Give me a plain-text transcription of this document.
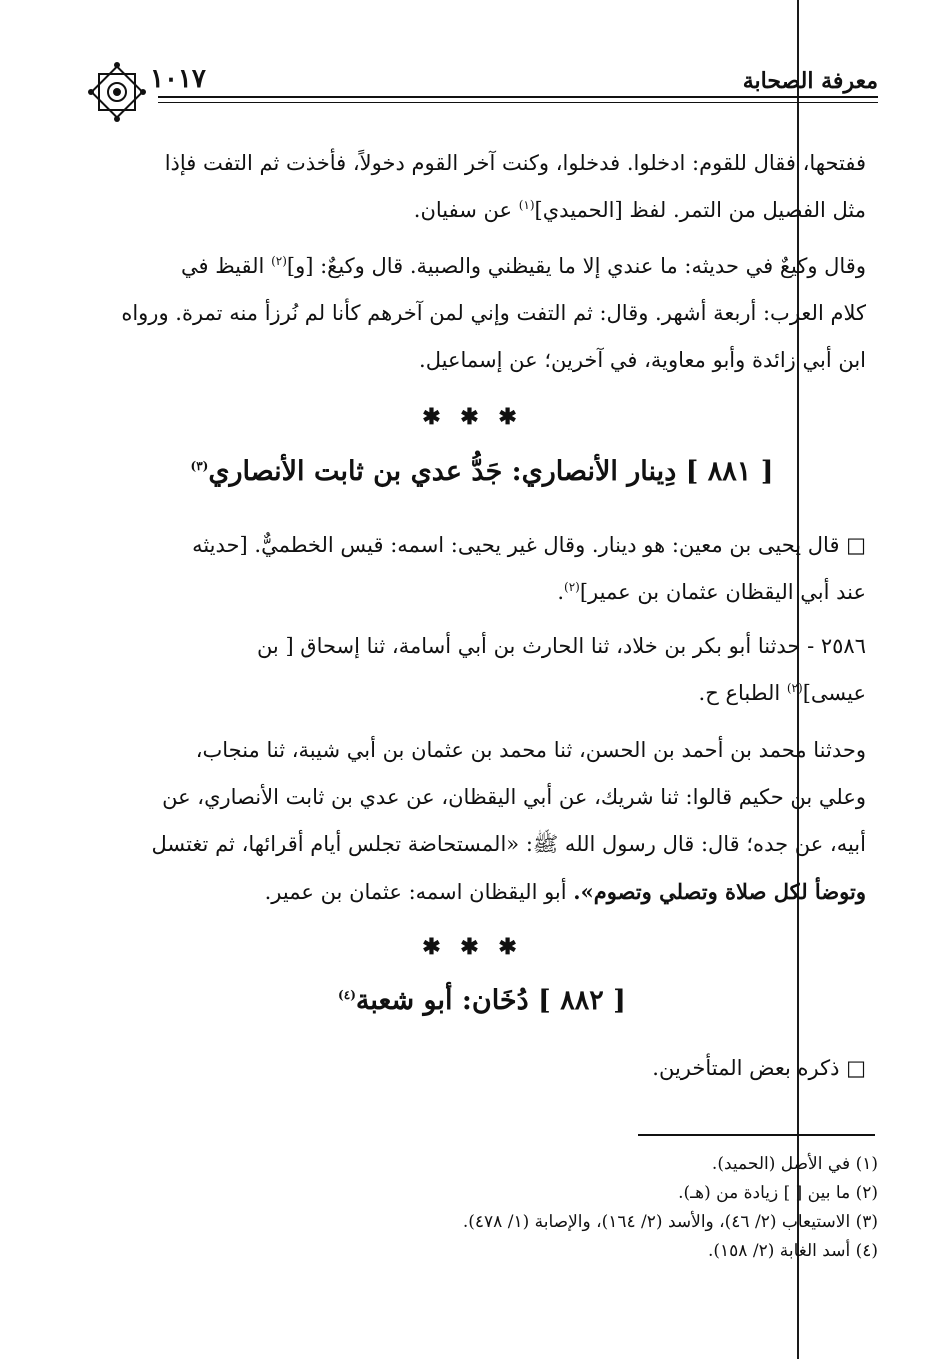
معرفة الصحابة
١٠١٧
ففتحها، فقال للقوم: ادخلوا. فدخلوا، وكنت آخر القوم دخولاً، فأخذت ثم التفت فإذا
مثل الفصيل من التمر. لفظ [الحميدي]$^{(١)}$ عن سفيان.
وقال وكيعٌ في حديثه: ما عندي إلا ما يقيظني والصبية. قال وكيعٌ: [و]$^{(٢)}$ القيظ في
كلام العرب: أربعة أشهر. وقال: ثم التفت وإني لمن آخرهم كأنا لم نُرزأ منه تمرة. ورواه
ابن أبي زائدة وأبو معاوية، في آخرين؛ عن إسماعيل.
✱ ✱ ✱
[ ٨٨١ ] دِينار الأنصاري: جَدُّ عدي بن ثابت الأنصاري$^{(٣)}$
□ قال يحيى بن معين: هو دينار. وقال غير يحيى: اسمه: قيس الخطميٌّ. [حديثه
عند أبي اليقظان عثمان بن عمير]$^{(٢)}$.
٢٥٨٦ - حدثنا أبو بكر بن خلاد، ثنا الحارث بن أبي أسامة، ثنا إسحاق [ بن
عيسى]$^{(٢)}$ الطباع ح.
وحدثنا محمد بن أحمد بن الحسن، ثنا محمد بن عثمان بن أبي شيبة، ثنا منجاب،
وعلي بن حكيم قالوا: ثنا شريك، عن أبي اليقظان، عن عدي بن ثابت الأنصاري، عن
أبيه، عن جده؛ قال: قال رسول الله ﷺ: «المستحاضة تجلس أيام أقرائها، ثم تغتسل
وتوضأ لكل صلاة وتصلي وتصوم». أبو اليقظان اسمه: عثمان بن عمير.
✱ ✱ ✱
[ ٨٨٢ ] دُخَان: أبو شعبة$^{(٤)}$
□ ذكره بعض المتأخرين.
(١) في الأصل (الحميد).
(٢) ما بين [ ] زيادة من (هـ).
(٣) الاستيعاب (٢/ ٤٦)، والأسد (٢/ ١٦٤)، والإصابة (١/ ٤٧٨).
(٤) أسد الغابة (٢/ ١٥٨).
